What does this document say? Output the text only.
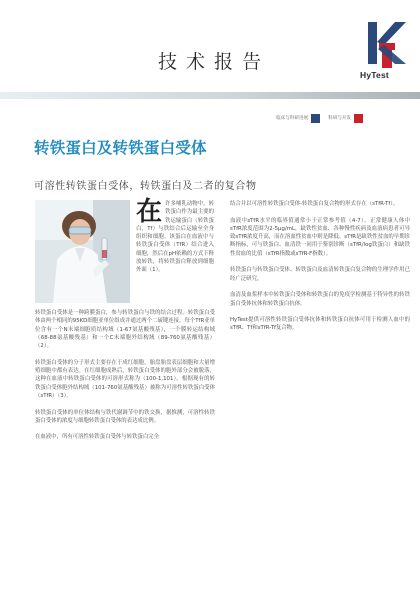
技术报告
HyTest
临床与科研进展	科研与开发
转铁蛋白及转铁蛋白受体
可溶性转铁蛋白受体，转铁蛋白及二者的复合物

在许多哺乳动物中，转铁蛋白作为最主要的铁运输蛋白（转铁蛋白，Tf）与铁结合后运输至全身组织和细胞。该蛋白在血液中与转铁蛋白受体（TfR）结合进入细胞，然后在pH依赖的方式下释放转铁，将转铁蛋白释放到细胞外面（1）。

转铁蛋白受体是一种跨膜蛋白，参与转铁蛋白与铁的结合过程。转铁蛋白受体由两个相同的95KD细胞亚单位组成并通过两个二硫键连接。每个TfR亚单位含有一个N末端细胞质结构域（1-67氨基酸残基），一个膜转运结构域（68-88氨基酸残基）和一个C末端胞外结构域（89-760氨基酸残基）（2）。

转铁蛋白受体的分子形式主要存在于成红细胞，胎盘胎盘表层细胞和大量增殖细胞中都有表达。在红细胞成熟后，转铁蛋白受体的胞外部分会被脱落，这种在血液中转铁蛋白受体的可溶形式称为（100-1,101）。根据现有的转铁蛋白受体胞外结构域（101-760氨基酸残基）被称为可溶性转铁蛋白受体（sTfR）（3）。

转铁蛋白受体的单位体结构与铁代谢调节中的铁交换，据推测，可溶性转铁蛋白受体的浓度与细胞转铁蛋白受体的表达成比例。

在血液中，所有可溶性转铁蛋白受体与转铁蛋白完全

结合并以可溶性转铁蛋白受体-转铁蛋白复合物的形式存在（sTfR-Tf）。

血液中sTfR水平的临界值通常小于正常参考值（4-7）。正常健康人体中sTfR浓度范围为2-5μg/mL，缺铁性贫血、各种慢性疾病及血液病患者可导致sTfR浓度升高，而在溶血性贫血中则是降低。sTfR是缺铁性贫血的早期诊断指标，可与铁蛋白、血清铁一同用于鉴别诊断（sTfR/log铁蛋白）和缺铁性贫血的比值（sTfR指数或sTfR-F指数）。

转铁蛋白与转铁蛋白受体、转铁蛋白及血清转铁蛋白复合物的生理学作用已经广泛研究。

血清及血浆样本中转铁蛋白受体和转铁蛋白的免疫学检测基于特异性的转铁蛋白受体抗体和转铁蛋白抗体。

HyTest提供可溶性转铁蛋白受体抗体和转铁蛋白抗体可用于检测人血中的sTfR、Tf和sTfR-Tf复合物。
